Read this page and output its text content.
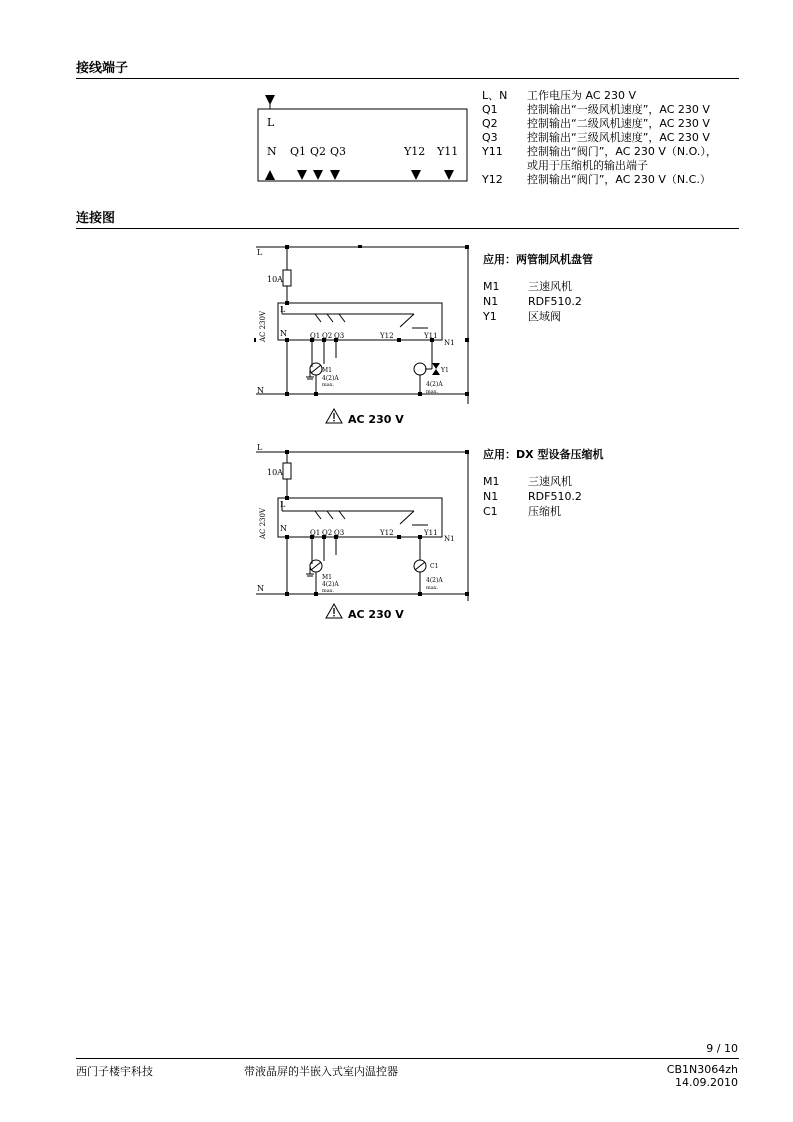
接线端子
L
N Q1 Q2 Q3	Y12 Y11
L、N	工作电压为 AC 230 V
Q1	控制输出“一级风机速度”，AC 230 V
Q2	控制输出“二级风机速度”，AC 230 V
Q3	控制输出“三级风机速度”，AC 230 V
Y11	控制输出“阀门”，AC 230 V（N.O.），
或用于压缩机的输出端子
Y12	控制输出“阀门”，AC 230 V（N.C.）
连接图
L
N
10A
AC 230V
L
N	Q1 Q2 Q3	Y12	Y11
N1
M1
4(2)A
max.
Y1
4(2)A
max.
AC 230 V
应用：两管制风机盘管
M1	三速风机
N1	RDF510.2
Y1	区域阀
L
N
10A
AC 230V
L
N	Q1 Q2 Q3	Y12	Y11
N1
M1
4(2)A
max.
C1
4(2)A
max.
AC 230 V
应用：DX 型设备压缩机
M1	三速风机
N1	RDF510.2
C1	压缩机
9 / 10
西门子楼宇科技	带液晶屏的半嵌入式室内温控器	CB1N3064zh
14.09.2010
